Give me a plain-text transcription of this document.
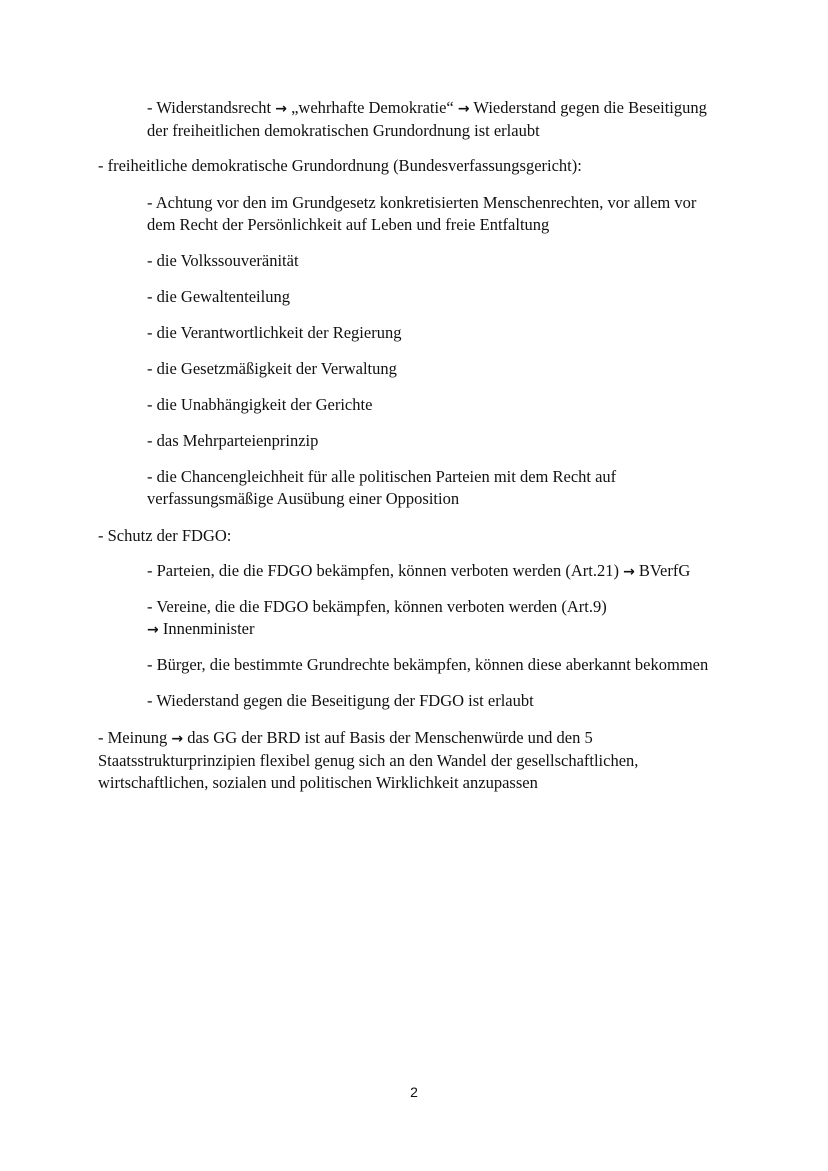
- Widerstandsrecht → „wehrhafte Demokratie“ → Wiederstand gegen die Beseitigung
der freiheitlichen demokratischen Grundordnung ist erlaubt

- freiheitliche demokratische Grundordnung (Bundesverfassungsgericht):

- Achtung vor den im Grundgesetz konkretisierten Menschenrechten, vor allem vor
dem Recht der Persönlichkeit auf Leben und freie Entfaltung

- die Volkssouveränität

- die Gewaltenteilung

- die Verantwortlichkeit der Regierung

- die Gesetzmäßigkeit der Verwaltung

- die Unabhängigkeit der Gerichte

- das Mehrparteienprinzip

- die Chancengleichheit für alle politischen Parteien mit dem Recht auf
verfassungsmäßige Ausübung einer Opposition

- Schutz der FDGO:

- Parteien, die die FDGO bekämpfen, können verboten werden (Art.21) → BVerfG

- Vereine, die die FDGO bekämpfen, können verboten werden (Art.9)
→ Innenminister

- Bürger, die bestimmte Grundrechte bekämpfen, können diese aberkannt bekommen

- Wiederstand gegen die Beseitigung der FDGO ist erlaubt

- Meinung → das GG der BRD ist auf Basis der Menschenwürde und den 5
Staatsstrukturprinzipien flexibel genug sich an den Wandel der gesellschaftlichen,
wirtschaftlichen, sozialen und politischen Wirklichkeit anzupassen

2
